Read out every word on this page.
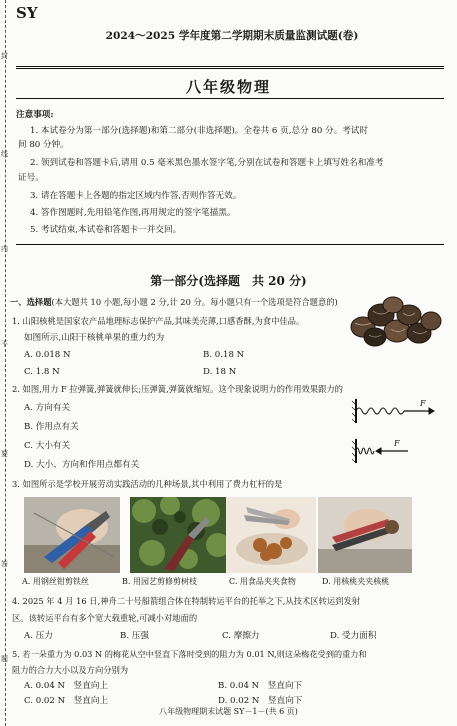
封
线
内
不
要
答
题
SY
2024～2025 学年度第二学期期末质量监测试题(卷)
八年级物理
注意事项:
1. 本试卷分为第一部分(选择题)和第二部分(非选择题)。全卷共 6 页,总分 80 分。考试时
间 80 分钟。
2. 领到试卷和答题卡后,请用 0.5 毫米黑色墨水签字笔,分别在试卷和答题卡上填写姓名和准考
证号。
3. 请在答题卡上各题的指定区域内作答,否则作答无效。
4. 答作图题时,先用铅笔作图,再用规定的签字笔描黑。
5. 考试结束,本试卷和答题卡一并交回。
第一部分(选择题　共 20 分)
一、选择题(本大题共 10 小题,每小题 2 分,计 20 分。每小题只有一个选项是符合题意的)
1. 山阳核桃是国家农产品地理标志保护产品,其味美壳薄,口感香酥,为食中佳品。
如图所示,山阳干核桃单果的重力约为
A. 0.018 N	B. 0.18 N
C. 1.8 N	D. 18 N
2. 如图,用力 F 拉弹簧,弹簧就伸长;压弹簧,弹簧就缩短。这个现象说明力的作用效果跟力的
A. 方向有关
B. 作用点有关
C. 大小有关
D. 大小、方向和作用点都有关
F
F
3. 如图所示是学校开展劳动实践活动的几种场景,其中利用了费力杠杆的是
A. 用钢丝钳剪铁丝	B. 用园艺剪修剪树枝	C. 用食品夹夹食物	D. 用核桃夹夹核桃
4. 2025 年 4 月 16 日,神舟二十号船箭组合体在特制转运平台的托举之下,从技术区转运到发射
区。该转运平台有多个宽大载重轮,可减小对地面的
A. 压力	B. 压强	C. 摩擦力	D. 受力面积
5. 若一朵重力为 0.03 N 的梅花从空中竖直下落时受到的阻力为 0.01 N,则这朵梅花受到的重力和
阻力的合力大小以及方向分别为
A. 0.04 N　竖直向上	B. 0.04 N　竖直向下
C. 0.02 N　竖直向上	D. 0.02 N　竖直向下
八年级物理期末试题 SY－1－(共 6 页)
